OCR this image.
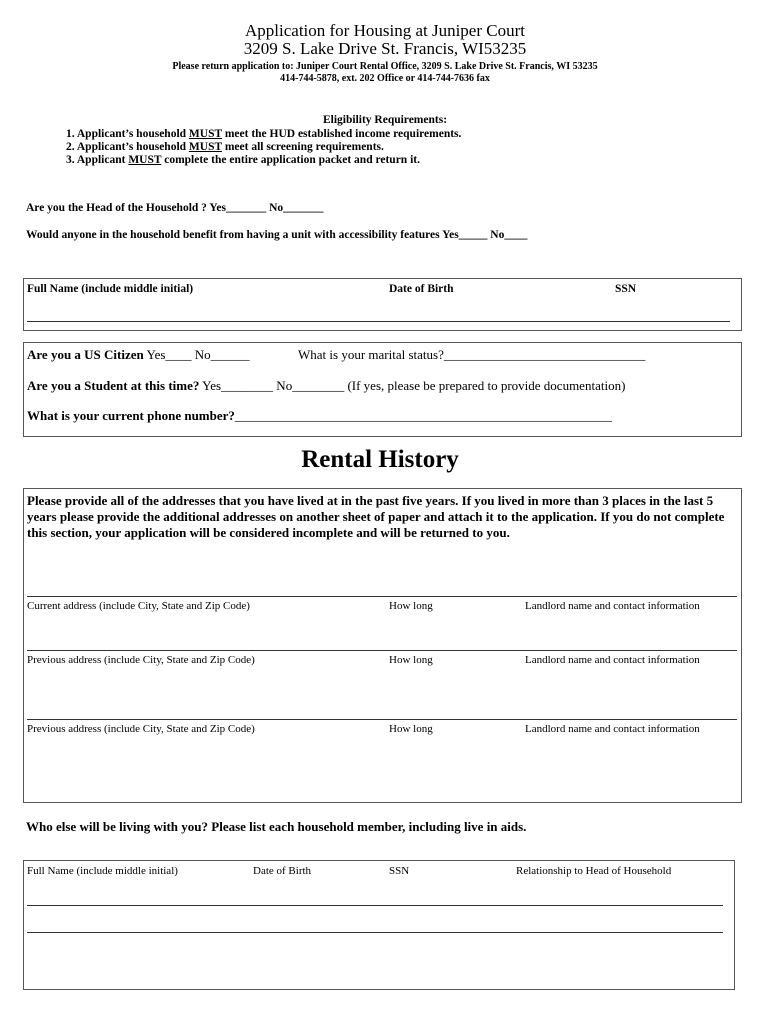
Application for Housing at Juniper Court
3209 S. Lake Drive St. Francis, WI53235
Please return application to: Juniper Court Rental Office, 3209 S. Lake Drive St. Francis, WI 53235
414-744-5878, ext. 202 Office or 414-744-7636 fax
Eligibility Requirements:
1. Applicant’s household MUST meet the HUD established income requirements.
2. Applicant’s household MUST meet all screening requirements.
3. Applicant MUST complete the entire application packet and return it.
Are you the Head of the Household ? Yes_______ No_______
Would anyone in the household benefit from having a unit with accessibility features Yes_____ No____
Full Name (include middle initial)	Date of Birth	SSN
Are you a US Citizen Yes____ No______	What is your marital status?_______________________________
Are you a Student at this time? Yes________ No________ (If yes, please be prepared to provide documentation)
What is your current phone number?__________________________________________________________
Rental History
Please provide all of the addresses that you have lived at in the past five years. If you lived in more than 3 places in the last 5 years please provide the additional addresses on another sheet of paper and attach it to the application. If you do not complete this section, your application will be considered incomplete and will be returned to you.
Current address (include City, State and Zip Code)	How long	Landlord name and contact information
Previous address (include City, State and Zip Code)	How long	Landlord name and contact information
Previous address (include City, State and Zip Code)	How long	Landlord name and contact information
Who else will be living with you? Please list each household member, including live in aids.
Full Name (include middle initial)	Date of Birth	SSN	Relationship to Head of Household
